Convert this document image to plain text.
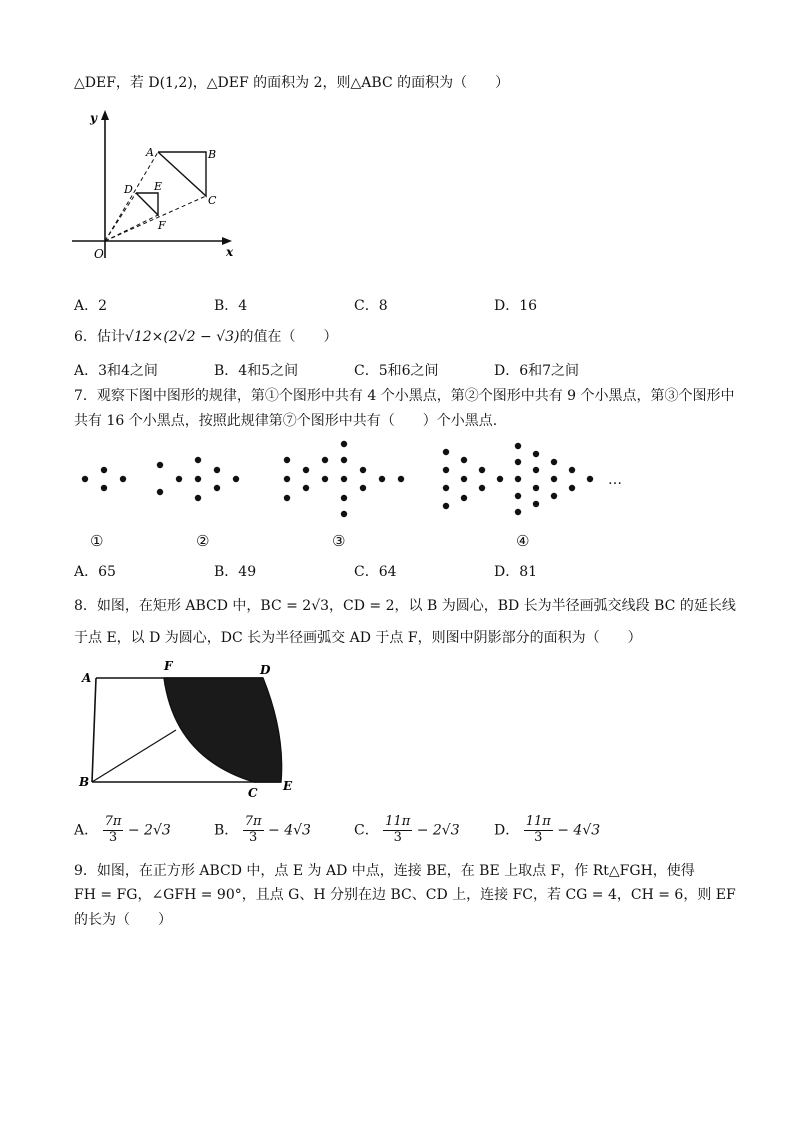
△DEF，若 D(1,2)，△DEF 的面积为 2，则△ABC 的面积为（　　）
y
x
O
A	B
C
D E
F
A．2	B．4	C．8	D．16
6．估计√12×(2√2 − √3)的值在（　　）
A．3和4之间	B．4和5之间	C．5和6之间	D．6和7之间
7．观察下图中图形的规律，第①个图形中共有 4 个小黑点，第②个图形中共有 9 个小黑点，第③个图形中
共有 16 个小黑点，按照此规律第⑦个图形中共有（　　）个小黑点.
…
①	②	③	④
A．65	B．49	C．64	D．81
8．如图，在矩形 ABCD 中，BC = 2√3，CD = 2，以 B 为圆心，BD 长为半径画弧交线段 BC 的延长线
于点 E，以 D 为圆心，DC 长为半径画弧交 AD 于点 F，则图中阴影部分的面积为（　　）
A
F	D
B
C E
A． $\frac{7\pi}{3} - 2√3$	B． $\frac{7\pi}{3} - 4√3$	C． $\frac{11\pi}{3} - 2√3$ D． $\frac{11\pi}{3} - 4√3$
9．如图，在正方形 ABCD 中，点 E 为 AD 中点，连接 BE，在 BE 上取点 F，作 Rt△FGH，使得
FH = FG，∠GFH = 90°，且点 G、H 分别在边 BC、CD 上，连接 FC，若 CG = 4，CH = 6，则 EF
的长为（　　）
